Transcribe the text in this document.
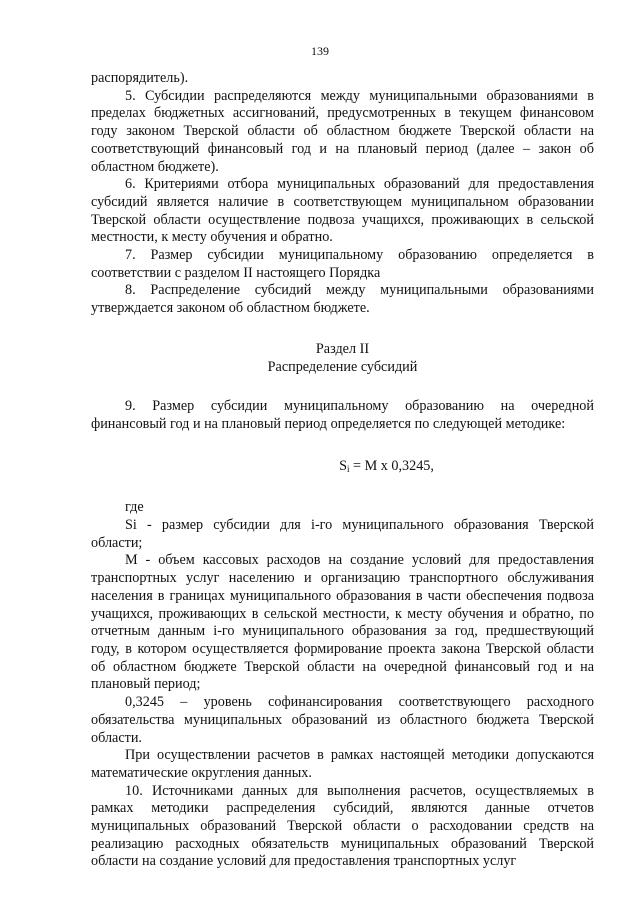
139

распорядитель).

5. Субсидии распределяются между муниципальными образованиями в пределах бюджетных ассигнований, предусмотренных в текущем финансовом году законом Тверской области об областном бюджете Тверской области на соответствующий финансовый год и на плановый период (далее – закон об областном бюджете).

6. Критериями отбора муниципальных образований для предоставления субсидий является наличие в соответствующем муниципальном образовании Тверской области осуществление подвоза учащихся, проживающих в сельской местности, к месту обучения и обратно.

7. Размер субсидии муниципальному образованию определяется в соответствии с разделом II настоящего Порядка

8. Распределение субсидий между муниципальными образованиями утверждается законом об областном бюджете.

Раздел II

Распределение субсидий

9. Размер субсидии муниципальному образованию на очередной финансовый год и на плановый период определяется по следующей методике:

$S_i = M$ x 0,3245,

где

Si - размер субсидии для i-го муниципального образования Тверской области;

M - объем кассовых расходов на создание условий для предоставления транспортных услуг населению и организацию транспортного обслуживания населения в границах муниципального образования в части обеспечения подвоза учащихся, проживающих в сельской местности, к месту обучения и обратно, по отчетным данным i-го муниципального образования за год, предшествующий году, в котором осуществляется формирование проекта закона Тверской области об областном бюджете Тверской области на очередной финансовый год и на плановый период;

0,3245 – уровень софинансирования соответствующего расходного обязательства муниципальных образований из областного бюджета Тверской области.

При осуществлении расчетов в рамках настоящей методики допускаются математические округления данных.

10. Источниками данных для выполнения расчетов, осуществляемых в рамках методики распределения субсидий, являются данные отчетов муниципальных образований Тверской области о расходовании средств на реализацию расходных обязательств муниципальных образований Тверской области на создание условий для предоставления транспортных услуг
